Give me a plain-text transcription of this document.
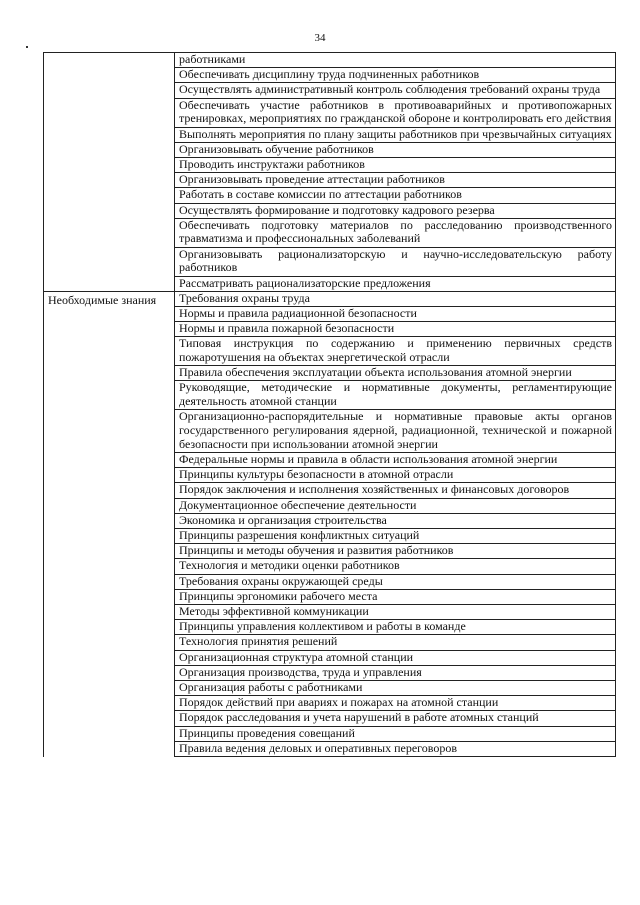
34
	работниками
	Обеспечивать дисциплину труда подчиненных работников
	Осуществлять административный контроль соблюдения требований охраны труда
	Обеспечивать участие работников в противоаварийных и противопожарных тренировках, мероприятиях по гражданской обороне и контролировать его действия
	Выполнять мероприятия по плану защиты работников при чрезвычайных ситуациях
	Организовывать обучение работников
	Проводить инструктажи работников
	Организовывать проведение аттестации работников
	Работать в составе комиссии по аттестации работников
	Осуществлять формирование и подготовку кадрового резерва
	Обеспечивать подготовку материалов по расследованию производственного травматизма и профессиональных заболеваний
	Организовывать рационализаторскую и научно-исследовательскую работу работников
	Рассматривать рационализаторские предложения
Необходимые знания	Требования охраны труда
	Нормы и правила радиационной безопасности
	Нормы и правила пожарной безопасности
	Типовая инструкция по содержанию и применению первичных средств пожаротушения на объектах энергетической отрасли
	Правила обеспечения эксплуатации объекта использования атомной энергии
	Руководящие, методические и нормативные документы, регламентирующие деятельность атомной станции
	Организационно-распорядительные и нормативные правовые акты органов государственного регулирования ядерной, радиационной, технической и пожарной безопасности при использовании атомной энергии
	Федеральные нормы и правила в области использования атомной энергии
	Принципы культуры безопасности в атомной отрасли
	Порядок заключения и исполнения хозяйственных и финансовых договоров
	Документационное обеспечение деятельности
	Экономика и организация строительства
	Принципы разрешения конфликтных ситуаций
	Принципы и методы обучения и развития работников
	Технология и методики оценки работников
	Требования охраны окружающей среды
	Принципы эргономики рабочего места
	Методы эффективной коммуникации
	Принципы управления коллективом и работы в команде
	Технология принятия решений
	Организационная структура атомной станции
	Организация производства, труда и управления
	Организация работы с работниками
	Порядок действий при авариях и пожарах на атомной станции
	Порядок расследования и учета нарушений в работе атомных станций
	Принципы проведения совещаний
	Правила ведения деловых и оперативных переговоров
